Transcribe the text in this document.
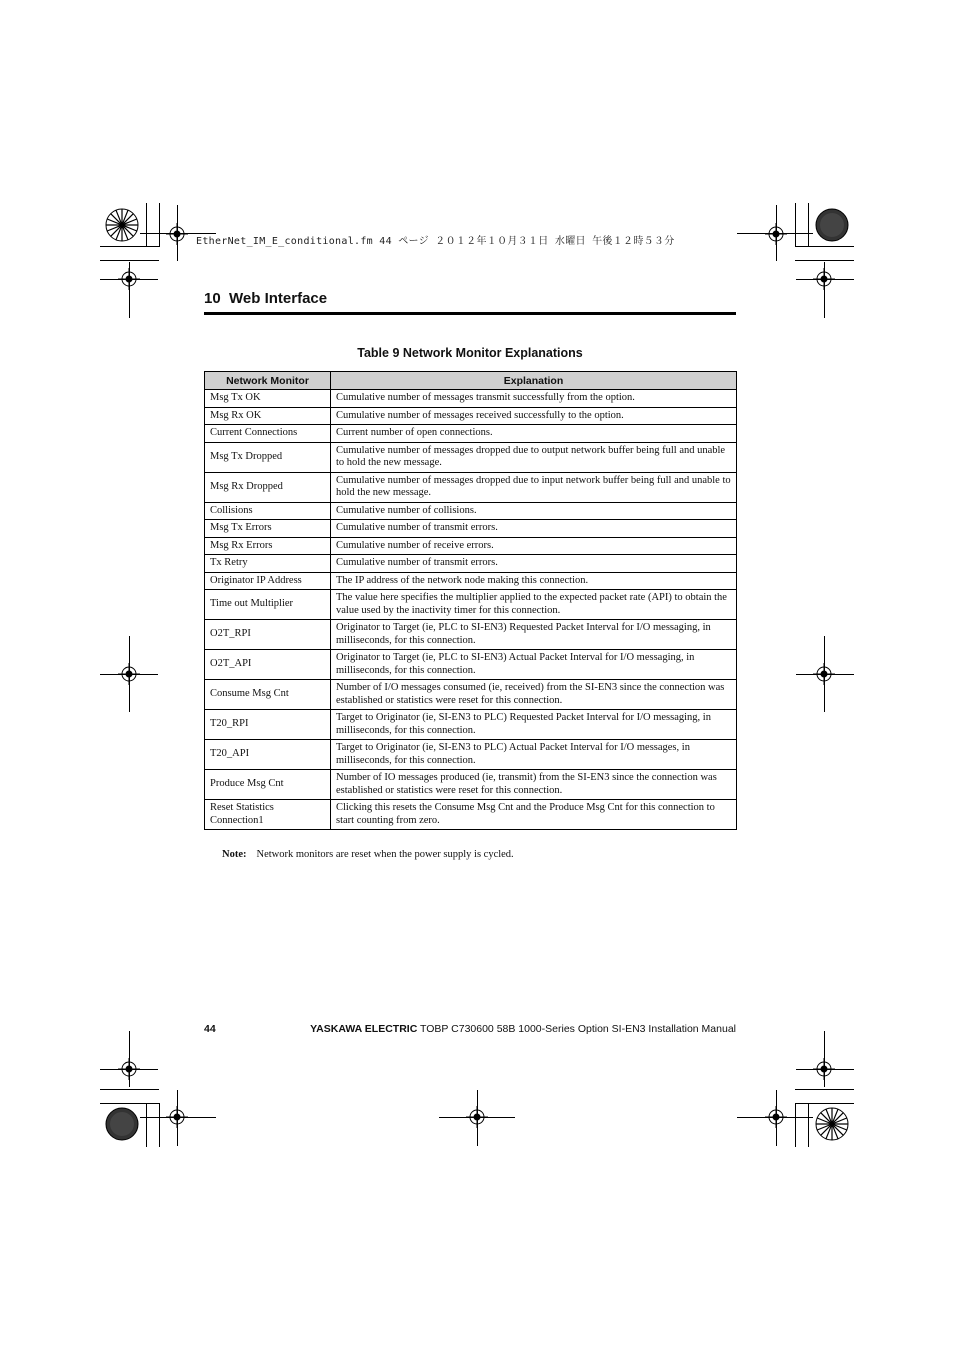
EtherNet_IM_E_conditional.fm 44 ページ ２０１２年１０月３１日 水曜日 午後１２時５３分
10 Web Interface
Table 9 Network Monitor Explanations
Network Monitor	Explanation
Msg Tx OK	Cumulative number of messages transmit successfully from the option.
Msg Rx OK	Cumulative number of messages received successfully to the option.
Current Connections	Current number of open connections.
Msg Tx Dropped	Cumulative number of messages dropped due to output network buffer being full and unable to hold the new message.
Msg Rx Dropped	Cumulative number of messages dropped due to input network buffer being full and unable to hold the new message.
Collisions	Cumulative number of collisions.
Msg Tx Errors	Cumulative number of transmit errors.
Msg Rx Errors	Cumulative number of receive errors.
Tx Retry	Cumulative number of transmit errors.
Originator IP Address	The IP address of the network node making this connection.
Time out Multiplier	The value here specifies the multiplier applied to the expected packet rate (API) to obtain the value used by the inactivity timer for this connection.
O2T_RPI	Originator to Target (ie, PLC to SI-EN3) Requested Packet Interval for I/O messaging, in milliseconds, for this connection.
O2T_API	Originator to Target (ie, PLC to SI-EN3) Actual Packet Interval for I/O messaging, in milliseconds, for this connection.
Consume Msg Cnt	Number of I/O messages consumed (ie, received) from the SI-EN3 since the connection was established or statistics were reset for this connection.
T20_RPI	Target to Originator (ie, SI-EN3 to PLC) Requested Packet Interval for I/O messaging, in milliseconds, for this connection.
T20_API	Target to Originator (ie, SI-EN3 to PLC) Actual Packet Interval for I/O messages, in milliseconds, for this connection.
Produce Msg Cnt	Number of IO messages produced (ie, transmit) from the SI-EN3 since the connection was established or statistics were reset for this connection.
Reset Statistics Connection1	Clicking this resets the Consume Msg Cnt and the Produce Msg Cnt for this connection to start counting from zero.
Note: Network monitors are reset when the power supply is cycled.
44	YASKAWA ELECTRIC TOBP C730600 58B 1000-Series Option SI-EN3 Installation Manual
